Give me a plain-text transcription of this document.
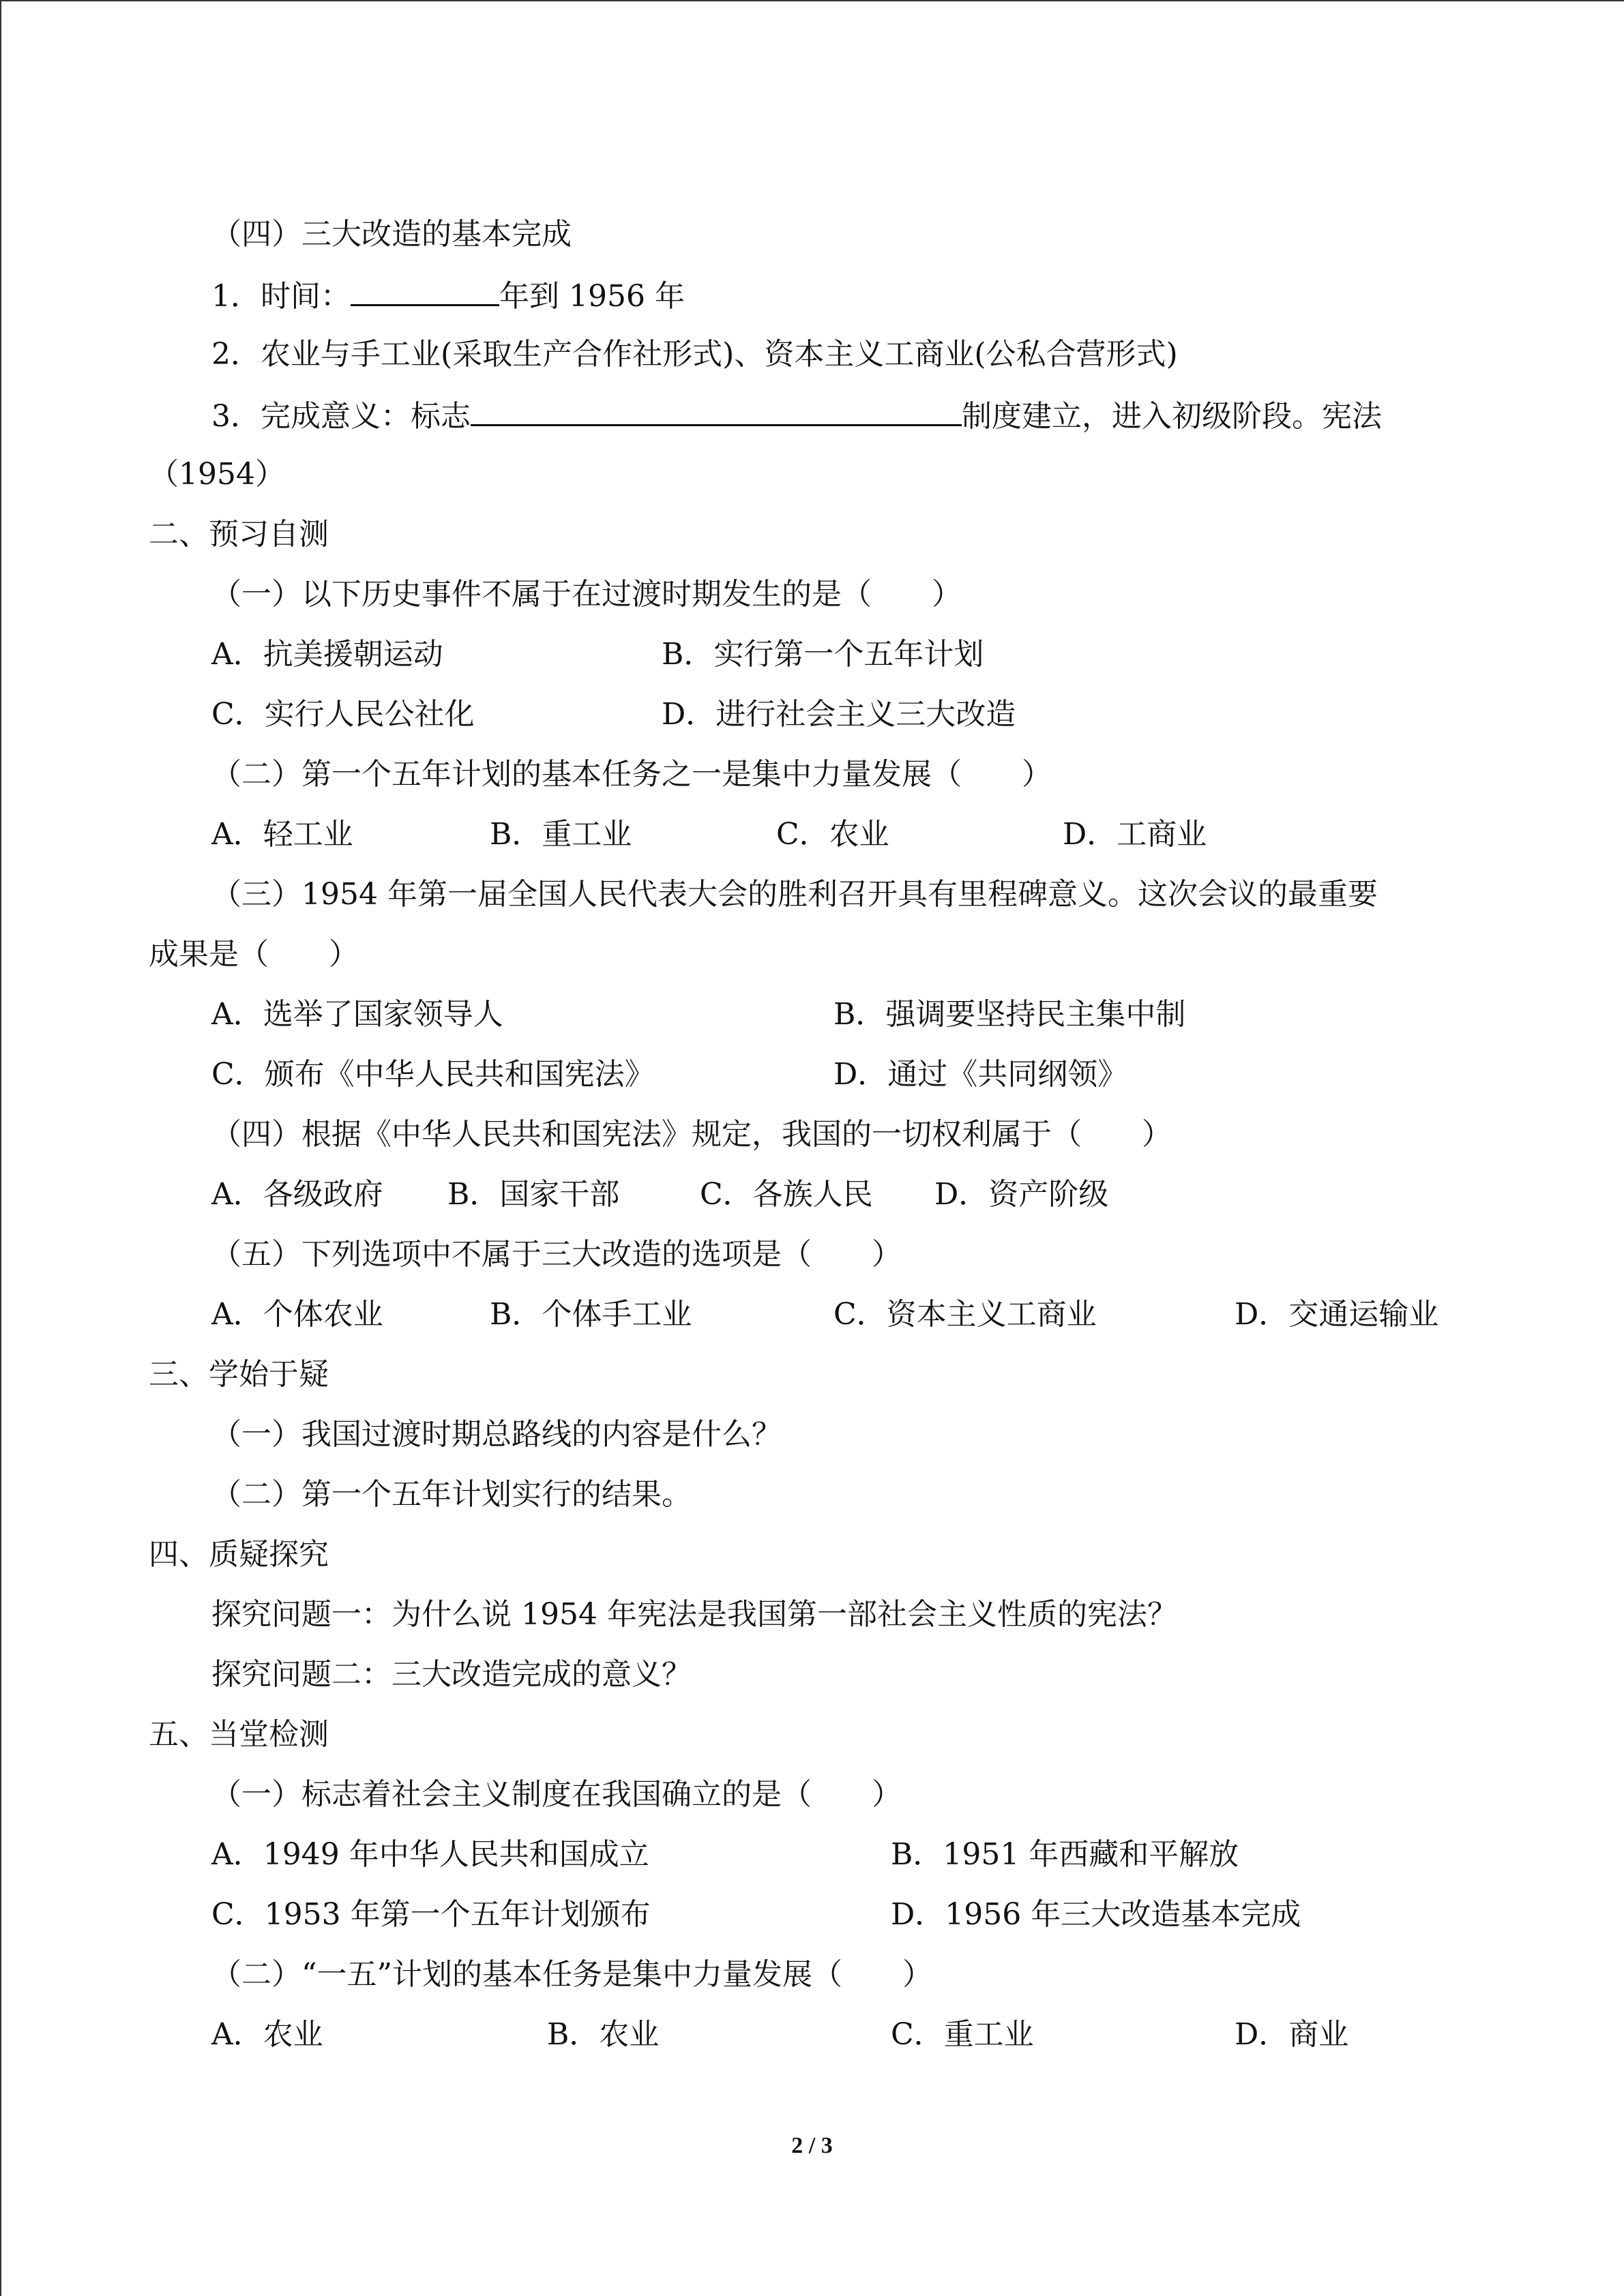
（四）三大改造的基本完成
1．时间：	年到 1956 年
2．农业与手工业(采取生产合作社形式)、资本主义工商业(公私合营形式)
3．完成意义：标志	制度建立，进入初级阶段。宪法
（1954）
二、预习自测
（一）以下历史事件不属于在过渡时期发生的是（　　）
A．抗美援朝运动	B．实行第一个五年计划
C．实行人民公社化	D．进行社会主义三大改造
（二）第一个五年计划的基本任务之一是集中力量发展（　　）
A．轻工业	B．重工业	C．农业	D．工商业
（三）1954 年第一届全国人民代表大会的胜利召开具有里程碑意义。这次会议的最重要
成果是（　　）
A．选举了国家领导人	B．强调要坚持民主集中制
C．颁布《中华人民共和国宪法》	D．通过《共同纲领》
（四）根据《中华人民共和国宪法》规定，我国的一切权利属于（　　）
A．各级政府 B．国家干部	C．各族人民 D．资产阶级
（五）下列选项中不属于三大改造的选项是（　　）
A．个体农业	B．个体手工业	C．资本主义工商业	D．交通运输业
三、学始于疑
（一）我国过渡时期总路线的内容是什么？
（二）第一个五年计划实行的结果。
四、质疑探究
探究问题一：为什么说 1954 年宪法是我国第一部社会主义性质的宪法？
探究问题二：三大改造完成的意义？
五、当堂检测
（一）标志着社会主义制度在我国确立的是（　　）
A．1949 年中华人民共和国成立	B．1951 年西藏和平解放
C．1953 年第一个五年计划颁布	D．1956 年三大改造基本完成
（二）“一五”计划的基本任务是集中力量发展（　　）
A．农业	B．农业	C．重工业	D．商业
2 / 3
